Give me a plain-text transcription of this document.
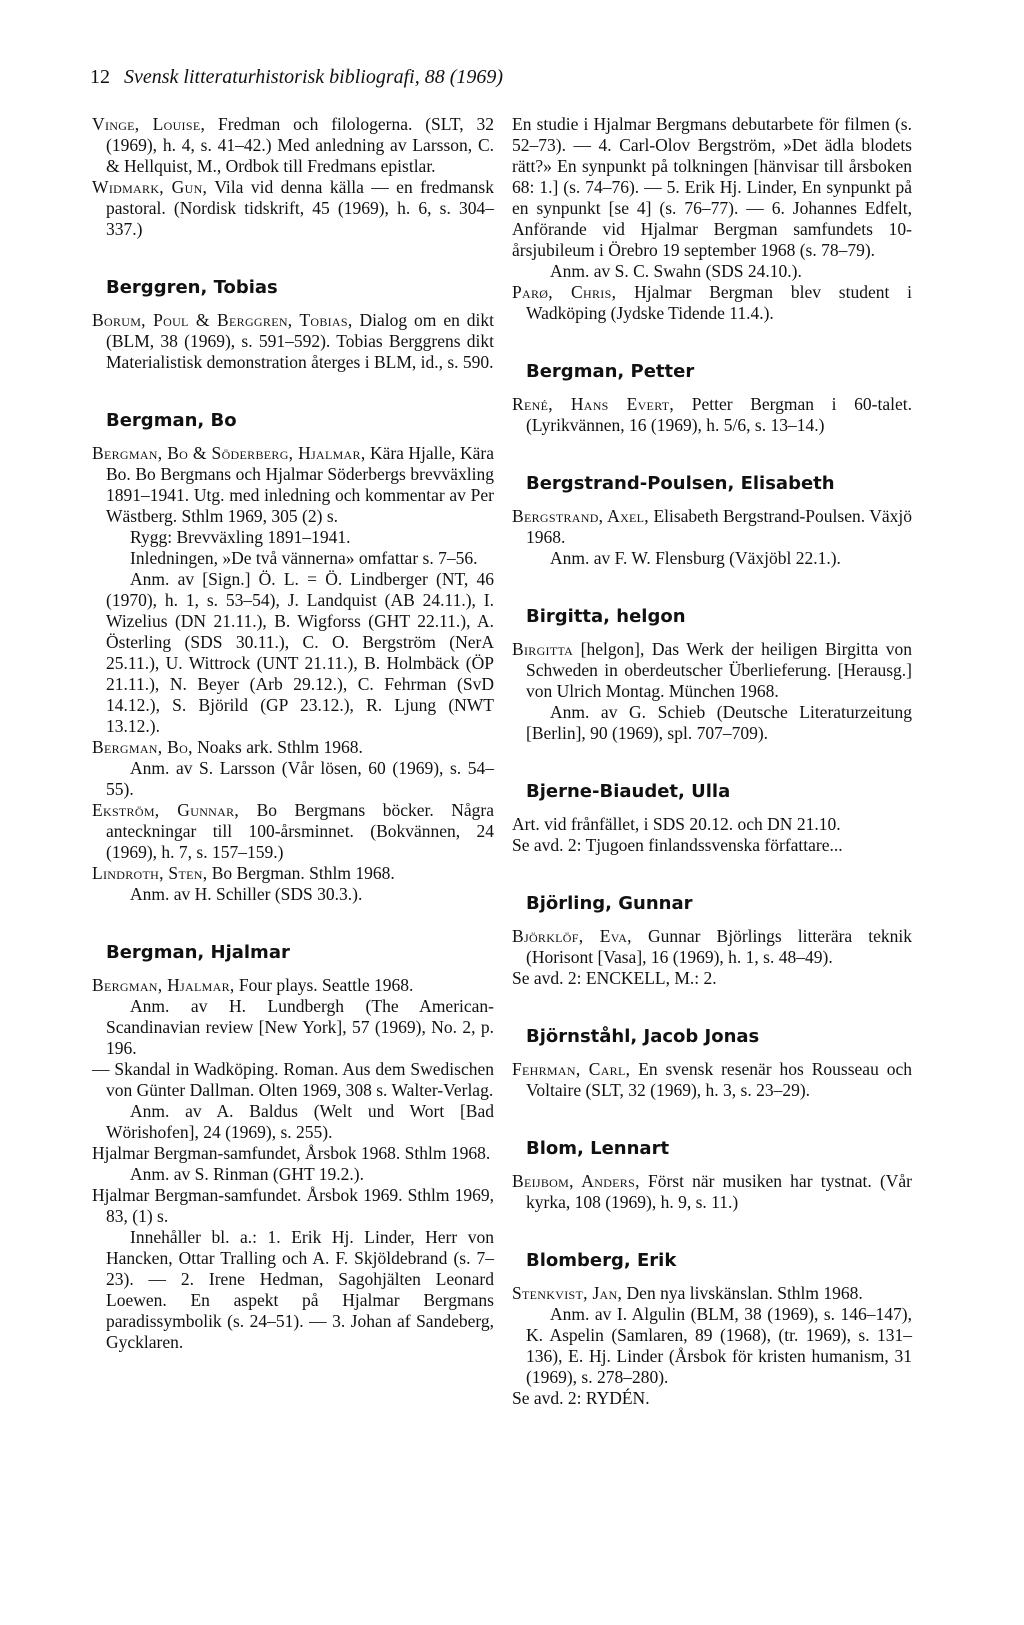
12 Svensk litteraturhistorisk bibliografi, 88 (1969)

Vinge, Louise, Fredman och filologerna. (SLT, 32 (1969), h. 4, s. 41–42.) Med anledning av Larsson, C. & Hellquist, M., Ordbok till Fredmans epistlar.

Widmark, Gun, Vila vid denna källa — en fredmansk pastoral. (Nordisk tidskrift, 45 (1969), h. 6, s. 304–337.)

Berggren, Tobias

Borum, Poul & Berggren, Tobias, Dialog om en dikt (BLM, 38 (1969), s. 591–592). Tobias Berggrens dikt Materialistisk demonstration återges i BLM, id., s. 590.

Bergman, Bo

Bergman, Bo & Söderberg, Hjalmar, Kära Hjalle, Kära Bo. Bo Bergmans och Hjalmar Söderbergs brevväxling 1891–1941. Utg. med inledning och kommentar av Per Wästberg. Sthlm 1969, 305 (2) s.

Rygg: Brevväxling 1891–1941.

Inledningen, »De två vännerna» omfattar s. 7–56.

Anm. av [Sign.] Ö. L. = Ö. Lindberger (NT, 46 (1970), h. 1, s. 53–54), J. Landquist (AB 24.11.), I. Wizelius (DN 21.11.), B. Wigforss (GHT 22.11.), A. Österling (SDS 30.11.), C. O. Bergström (NerA 25.11.), U. Wittrock (UNT 21.11.), B. Holmbäck (ÖP 21.11.), N. Beyer (Arb 29.12.), C. Fehrman (SvD 14.12.), S. Björild (GP 23.12.), R. Ljung (NWT 13.12.).

Bergman, Bo, Noaks ark. Sthlm 1968.

Anm. av S. Larsson (Vår lösen, 60 (1969), s. 54–55).

Ekström, Gunnar, Bo Bergmans böcker. Några anteckningar till 100-årsminnet. (Bokvännen, 24 (1969), h. 7, s. 157–159.)

Lindroth, Sten, Bo Bergman. Sthlm 1968.

Anm. av H. Schiller (SDS 30.3.).

Bergman, Hjalmar

Bergman, Hjalmar, Four plays. Seattle 1968.

Anm. av H. Lundbergh (The American-Scandinavian review [New York], 57 (1969), No. 2, p. 196.

— Skandal in Wadköping. Roman. Aus dem Swedischen von Günter Dallman. Olten 1969, 308 s. Walter-Verlag.

Anm. av A. Baldus (Welt und Wort [Bad Wörishofen], 24 (1969), s. 255).

Hjalmar Bergman-samfundet, Årsbok 1968. Sthlm 1968.

Anm. av S. Rinman (GHT 19.2.).

Hjalmar Bergman-samfundet. Årsbok 1969. Sthlm 1969, 83, (1) s.

Innehåller bl. a.: 1. Erik Hj. Linder, Herr von Hancken, Ottar Tralling och A. F. Skjöldebrand (s. 7–23). — 2. Irene Hedman, Sagohjälten Leonard Loewen. En aspekt på Hjalmar Bergmans paradissymbolik (s. 24–51). — 3. Johan af Sandeberg, Gycklaren.

En studie i Hjalmar Bergmans debutarbete för filmen (s. 52–73). — 4. Carl-Olov Bergström, »Det ädla blodets rätt?» En synpunkt på tolkningen [hänvisar till årsboken 68: 1.] (s. 74–76). — 5. Erik Hj. Linder, En synpunkt på en synpunkt [se 4] (s. 76–77). — 6. Johannes Edfelt, Anförande vid Hjalmar Bergman samfundets 10-årsjubileum i Örebro 19 september 1968 (s. 78–79).

Anm. av S. C. Swahn (SDS 24.10.).

Parø, Chris, Hjalmar Bergman blev student i Wadköping (Jydske Tidende 11.4.).

Bergman, Petter

René, Hans Evert, Petter Bergman i 60-talet. (Lyrikvännen, 16 (1969), h. 5/6, s. 13–14.)

Bergstrand-Poulsen, Elisabeth

Bergstrand, Axel, Elisabeth Bergstrand-Poulsen. Växjö 1968.

Anm. av F. W. Flensburg (Växjöbl 22.1.).

Birgitta, helgon

Birgitta [helgon], Das Werk der heiligen Birgitta von Schweden in oberdeutscher Überlieferung. [Herausg.] von Ulrich Montag. München 1968.

Anm. av G. Schieb (Deutsche Literaturzeitung [Berlin], 90 (1969), spl. 707–709).

Bjerne-Biaudet, Ulla

Art. vid frånfället, i SDS 20.12. och DN 21.10.

Se avd. 2: Tjugoen finlandssvenska författare...

Björling, Gunnar

Björklöf, Eva, Gunnar Björlings litterära teknik (Horisont [Vasa], 16 (1969), h. 1, s. 48–49).

Se avd. 2: ENCKELL, M.: 2.

Björnståhl, Jacob Jonas

Fehrman, Carl, En svensk resenär hos Rousseau och Voltaire (SLT, 32 (1969), h. 3, s. 23–29).

Blom, Lennart

Beijbom, Anders, Först när musiken har tystnat. (Vår kyrka, 108 (1969), h. 9, s. 11.)

Blomberg, Erik

Stenkvist, Jan, Den nya livskänslan. Sthlm 1968.

Anm. av I. Algulin (BLM, 38 (1969), s. 146–147), K. Aspelin (Samlaren, 89 (1968), (tr. 1969), s. 131–136), E. Hj. Linder (Årsbok för kristen humanism, 31 (1969), s. 278–280).

Se avd. 2: RYDÉN.
